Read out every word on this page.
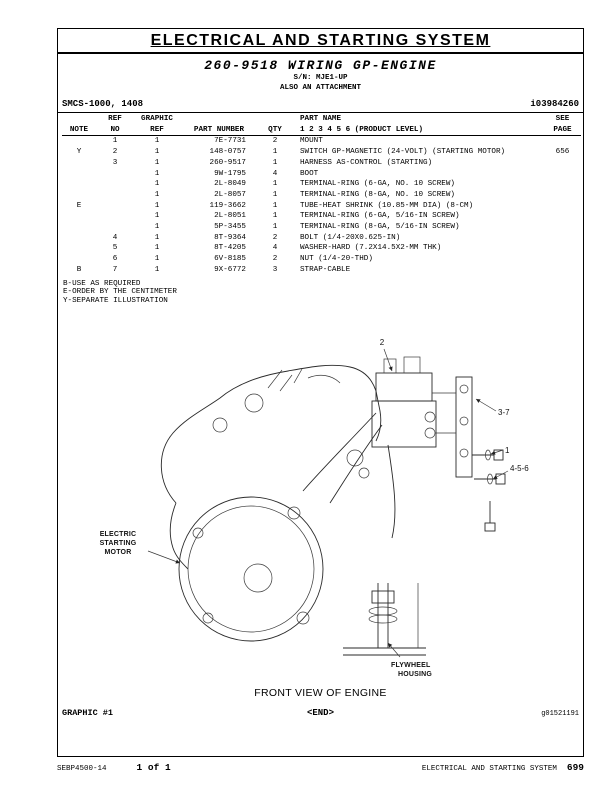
ELECTRICAL AND STARTING SYSTEM
260-9518 WIRING GP-ENGINE
S/N: MJE1-UP
ALSO AN ATTACHMENT
SMCS-1000, 1408	i03984260
	REF	GRAPHIC			PART NAME	SEE
NOTE	NO	REF	PART NUMBER	QTY	1 2 3 4 5 6 (PRODUCT LEVEL)	PAGE
	1	1	7E-7731	2	MOUNT	
Y	2	1	148-0757	1	SWITCH GP-MAGNETIC (24-VOLT) (STARTING MOTOR)	656
	3	1	260-9517	1	HARNESS AS-CONTROL (STARTING)	
		1	9W-1795	4	BOOT	
		1	2L-8049	1	TERMINAL-RING (6-GA, NO. 10 SCREW)	
		1	2L-8057	1	TERMINAL-RING (8-GA, NO. 10 SCREW)	
E		1	119-3662	1	TUBE-HEAT SHRINK (10.85-MM DIA) (8-CM)	
		1	2L-8051	1	TERMINAL-RING (6-GA, 5/16-IN SCREW)	
		1	5P-3455	1	TERMINAL-RING (8-GA, 5/16-IN SCREW)	
	4	1	8T-9364	2	BOLT (1/4-20X0.625-IN)	
	5	1	8T-4205	4	WASHER-HARD (7.2X14.5X2-MM THK)	
	6	1	6V-8185	2	NUT (1/4-20-THD)	
B	7	1	9X-6772	3	STRAP-CABLE	
B-USE AS REQUIRED
E-ORDER BY THE CENTIMETER
Y-SEPARATE ILLUSTRATION
2
3-7
1
4-5-6
ELECTRIC
STARTING
MOTOR
FLYWHEEL
HOUSING
FRONT VIEW OF ENGINE
GRAPHIC #1	<END>	g01521191
SEBP4500-14	1 of 1	ELECTRICAL AND STARTING SYSTEM 699
